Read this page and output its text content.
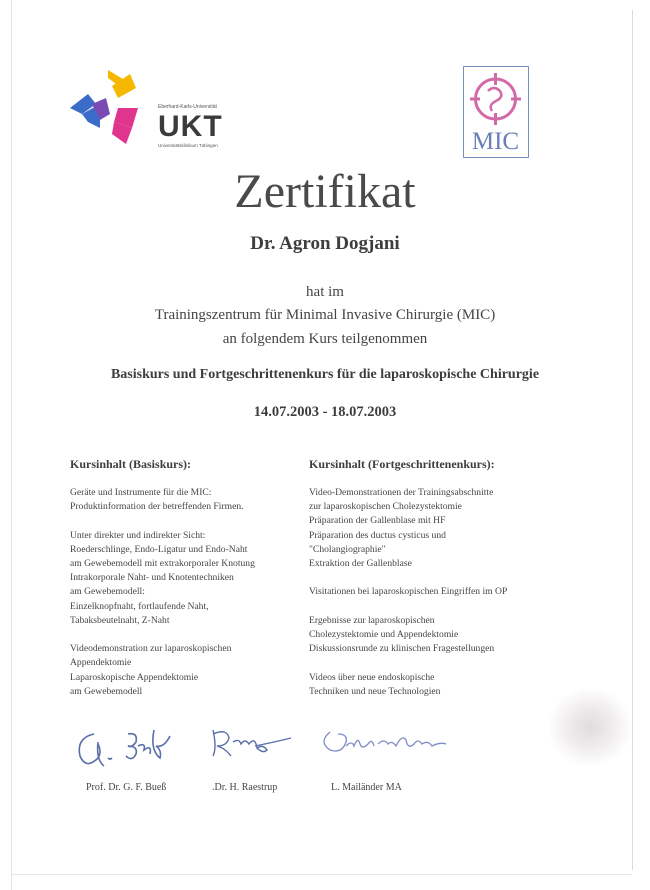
Eberhard-Karls-Universität
UKT
Universitätsklinikum Tübingen	MIC
Zertifikat
Dr. Agron Dogjani
hat im
Trainingszentrum für Minimal Invasive Chirurgie (MIC)
an folgendem Kurs teilgenommen
Basiskurs und Fortgeschrittenenkurs für die laparoskopische Chirurgie
14.07.2003 - 18.07.2003
Kursinhalt (Basiskurs):
Geräte und Instrumente für die MIC:
Produktinformation der betreffenden Firmen.
Unter direkter und indirekter Sicht:
Roederschlinge, Endo-Ligatur und Endo-Naht
am Gewebemodell mit extrakorporaler Knotung
Intrakorporale Naht- und Knotentechniken
am Gewebemodell:
Einzelknopfnaht, fortlaufende Naht,
Tabaksbeutelnaht, Z-Naht
Videodemonstration zur laparoskopischen
Appendektomie
Laparoskopische Appendektomie
am Gewebemodell
Kursinhalt (Fortgeschrittenenkurs):
Video-Demonstrationen der Trainingsabschnitte
zur laparoskopischen Cholezystektomie
Präparation der Gallenblase mit HF
Präparation des ductus cysticus und
"Cholangiographie"
Extraktion der Gallenblase
Visitationen bei laparoskopischen Eingriffen im OP
Ergebnisse zur laparoskopischen
Cholezystektomie und Appendektomie
Diskussionsrunde zu klinischen Fragestellungen
Videos über neue endoskopische
Techniken und neue Technologien
Prof. Dr. G. F. Bueß	.Dr. H. Raestrup	L. Mailänder MA
